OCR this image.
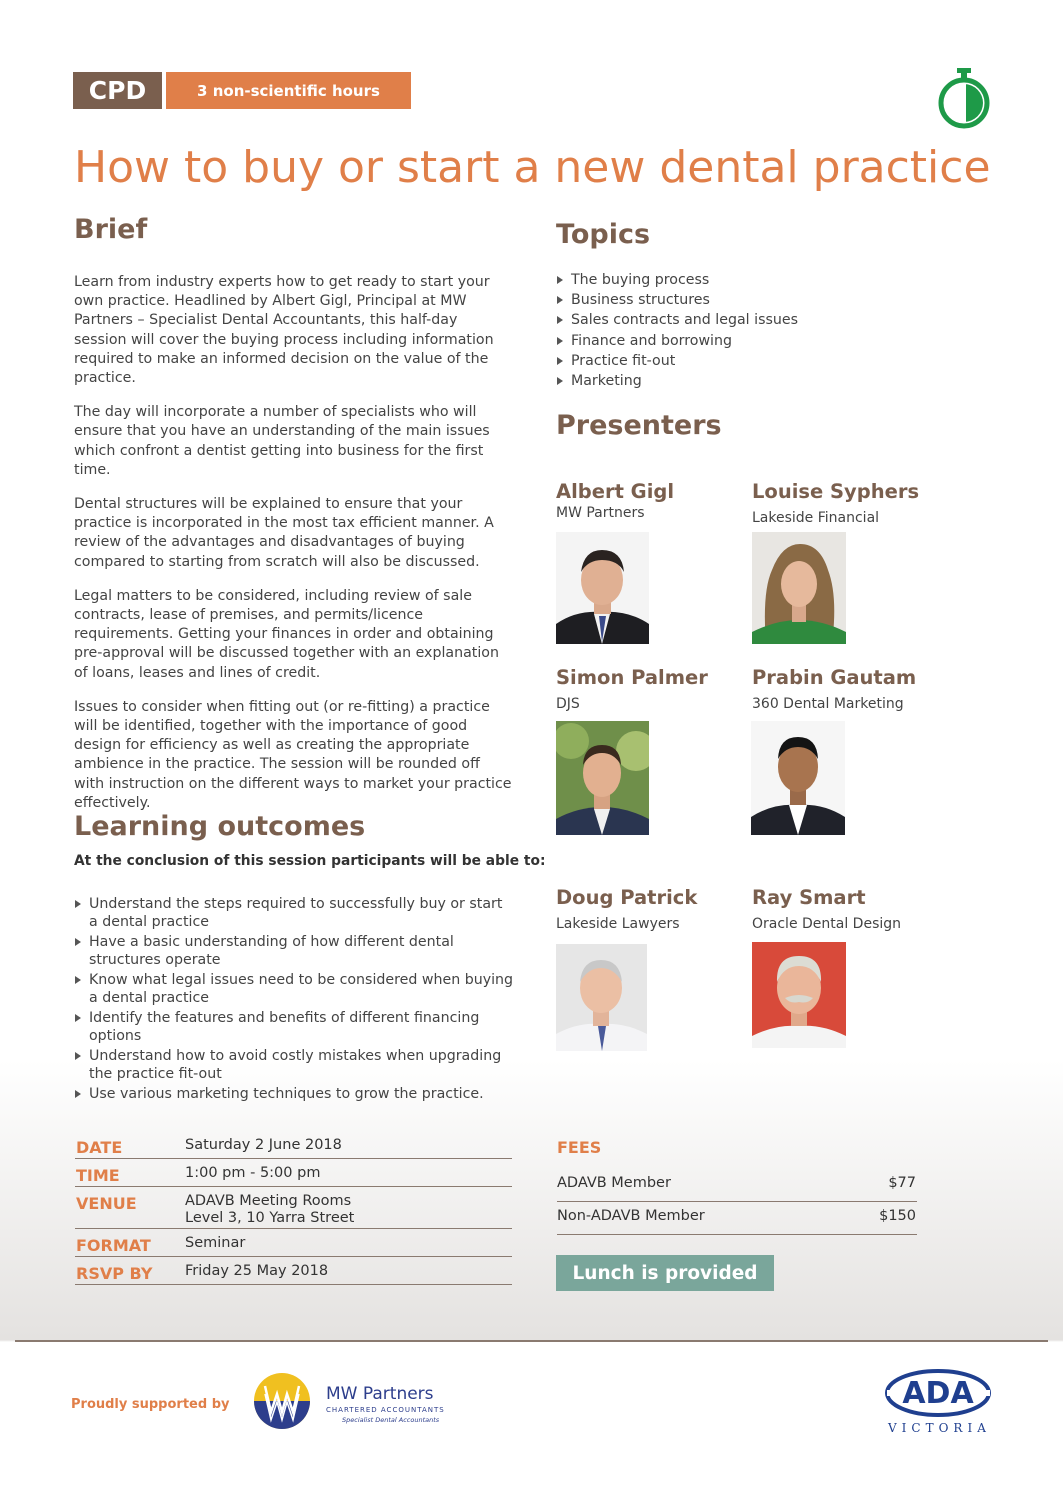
CPD	3 non-scientific hours
How to buy or start a new dental practice
Brief

Learn from industry experts how to get ready to start your own practice. Headlined by Albert Gigl, Principal at MW Partners – Specialist Dental Accountants, this half-day session will cover the buying process including information required to make an informed decision on the value of the practice.

The day will incorporate a number of specialists who will ensure that you have an understanding of the main issues which confront a dentist getting into business for the first time.

Dental structures will be explained to ensure that your practice is incorporated in the most tax efficient manner. A review of the advantages and disadvantages of buying compared to starting from scratch will also be discussed.

Legal matters to be considered, including review of sale contracts, lease of premises, and permits/licence requirements. Getting your finances in order and obtaining pre-approval will be discussed together with an explanation of loans, leases and lines of credit.

Issues to consider when fitting out (or re-fitting) a practice will be identified, together with the importance of good design for efficiency as well as creating the appropriate ambience in the practice. The session will be rounded off with instruction on the different ways to market your practice effectively.

Topics
The buying process
Business structures
Sales contracts and legal issues
Finance and borrowing
Practice fit-out
Marketing
Presenters
Albert Gigl
MW Partners
Louise Syphers
Lakeside Financial
Simon Palmer
DJS
Prabin Gautam
360 Dental Marketing
Doug Patrick
Lakeside Lawyers
Ray Smart
Oracle Dental Design
Learning outcomes
At the conclusion of this session participants will be able to:
Understand the steps required to successfully buy or start a dental practice
Have a basic understanding of how different dental structures operate
Know what legal issues need to be considered when buying a dental practice
Identify the features and benefits of different financing options
Understand how to avoid costly mistakes when upgrading the practice fit-out
Use various marketing techniques to grow the practice.
DATE	Saturday 2 June 2018
TIME	1:00 pm - 5:00 pm
VENUE	ADAVB Meeting Rooms
Level 3, 10 Yarra Street
FORMAT Seminar
RSVP BY Friday 25 May 2018
FEES
ADAVB Member	$77
Non-ADAVB Member	$150
Lunch is provided
Proudly supported by
MW Partners
CHARTERED ACCOUNTANTS
Specialist Dental Accountants
ADA
VICTORIA
